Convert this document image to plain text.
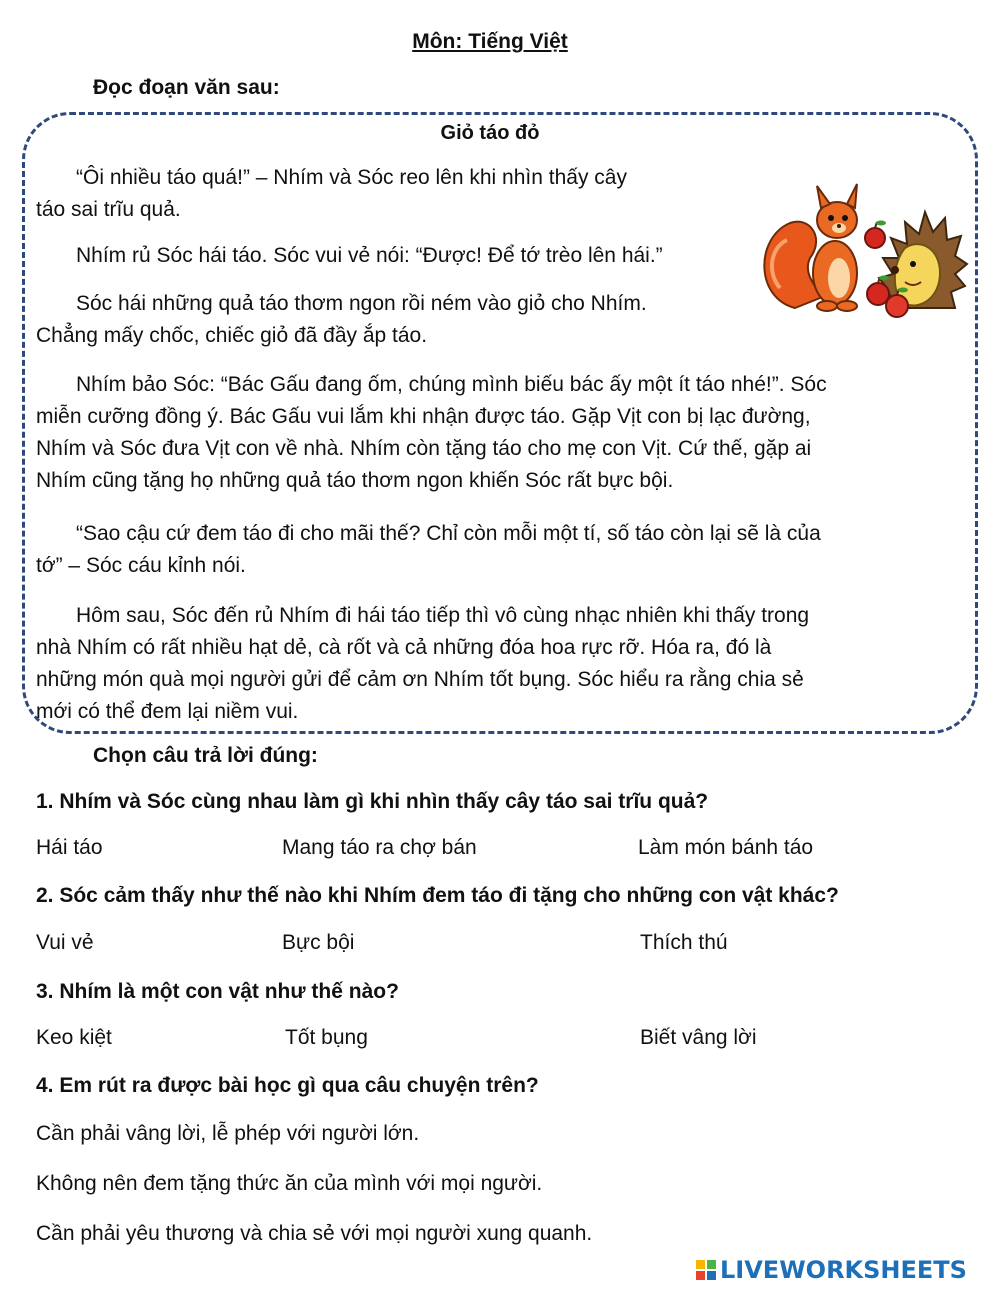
Môn: Tiếng Việt
Đọc đoạn văn sau:
Giỏ táo đỏ

“Ôi nhiều táo quá!” – Nhím và Sóc reo lên khi nhìn thấy cây

táo sai trĩu quả.

Nhím rủ Sóc hái táo. Sóc vui vẻ nói: “Được! Để tớ trèo lên hái.”

Sóc hái những quả táo thơm ngon rồi ném vào giỏ cho Nhím.

Chẳng mấy chốc, chiếc giỏ đã đầy ắp táo.

Nhím bảo Sóc: “Bác Gấu đang ốm, chúng mình biếu bác ấy một ít táo nhé!”. Sóc

miễn cưỡng đồng ý. Bác Gấu vui lắm khi nhận được táo. Gặp Vịt con bị lạc đường,

Nhím và Sóc đưa Vịt con về nhà. Nhím còn tặng táo cho mẹ con Vịt. Cứ thế, gặp ai

Nhím cũng tặng họ những quả táo thơm ngon khiến Sóc rất bực bội.

“Sao cậu cứ đem táo đi cho mãi thế? Chỉ còn mỗi một tí, số táo còn lại sẽ là của

tớ” – Sóc cáu kỉnh nói.

Hôm sau, Sóc đến rủ Nhím đi hái táo tiếp thì vô cùng nhạc nhiên khi thấy trong

nhà Nhím có rất nhiều hạt dẻ, cà rốt và cả những đóa hoa rực rỡ. Hóa ra, đó là

những món quà mọi người gửi để cảm ơn Nhím tốt bụng. Sóc hiểu ra rằng chia sẻ

mới có thể đem lại niềm vui.

Chọn câu trả lời đúng:
1. Nhím và Sóc cùng nhau làm gì khi nhìn thấy cây táo sai trĩu quả?
Hái táo	Mang táo ra chợ bán	Làm món bánh táo
2. Sóc cảm thấy như thế nào khi Nhím đem táo đi tặng cho những con vật khác?
Vui vẻ	Bực bội	Thích thú
3. Nhím là một con vật như thế nào?
Keo kiệt	Tốt bụng	Biết vâng lời
4. Em rút ra được bài học gì qua câu chuyện trên?
Cần phải vâng lời, lễ phép với người lớn.
Không nên đem tặng thức ăn của mình với mọi người.
Cần phải yêu thương và chia sẻ với mọi người xung quanh.
LIVEWORKSHEETS
